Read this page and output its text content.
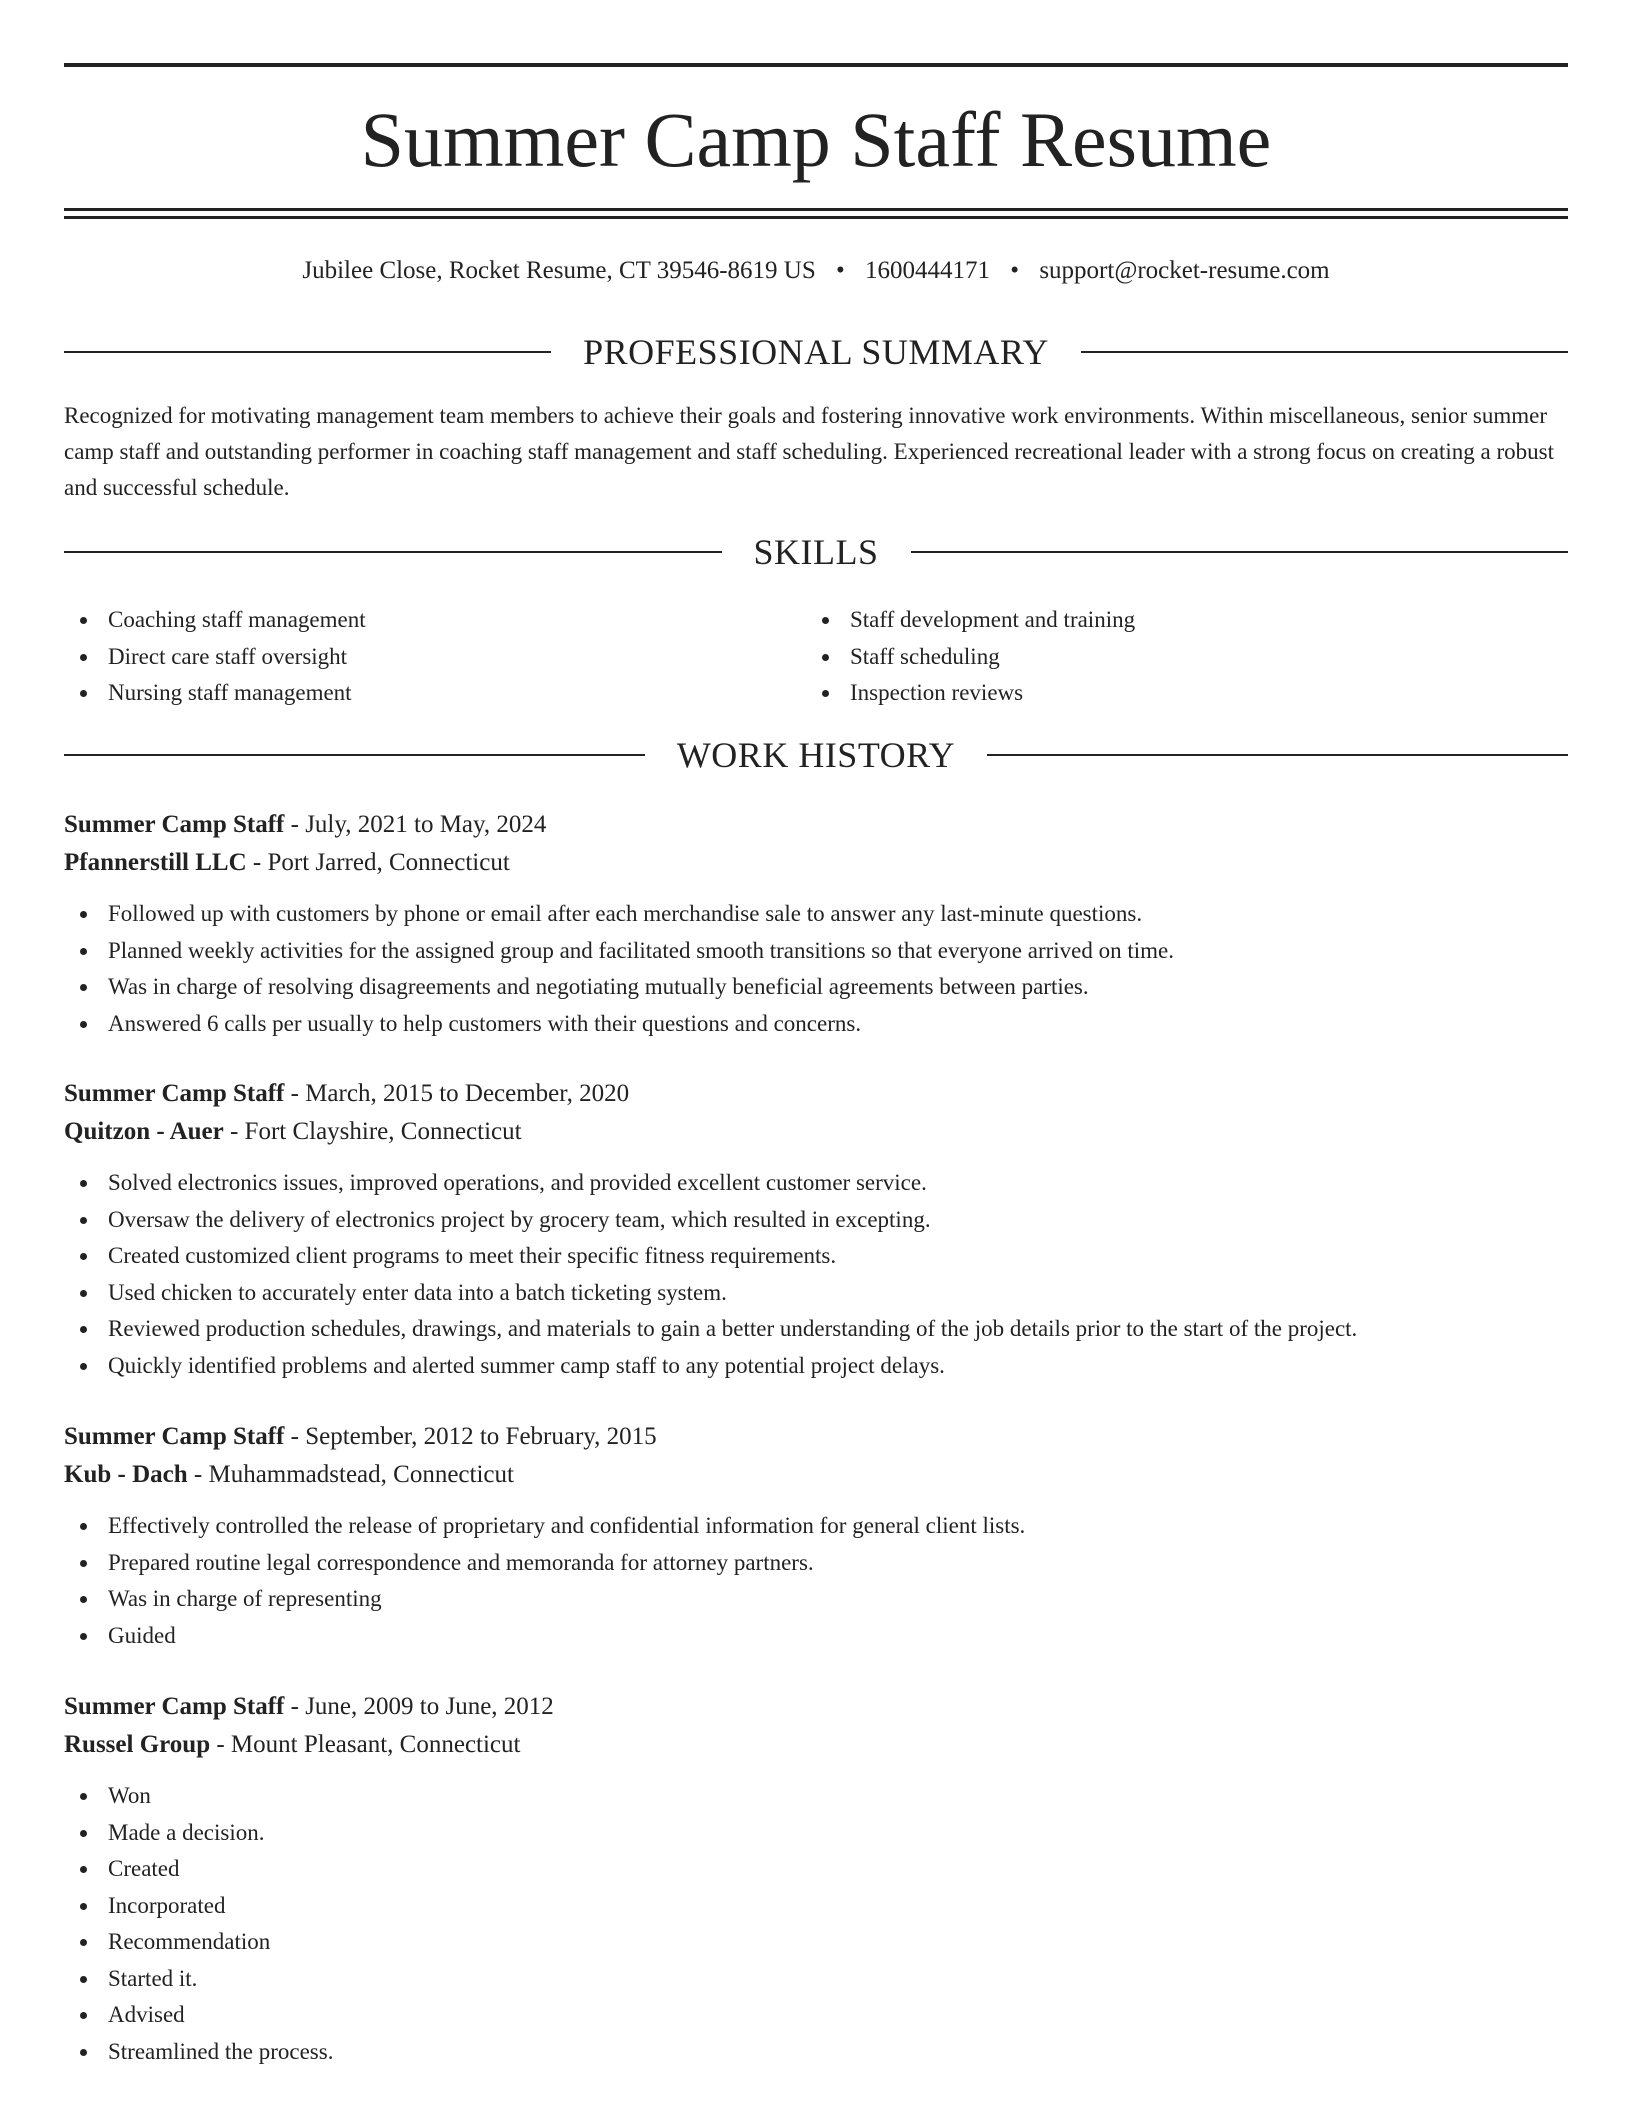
Summer Camp Staff Resume
Jubilee Close, Rocket Resume, CT 39546-8619 US • 1600444171 • support@rocket-resume.com
PROFESSIONAL SUMMARY

Recognized for motivating management team members to achieve their goals and fostering innovative work environments. Within miscellaneous, senior summer camp staff and outstanding performer in coaching staff management and staff scheduling. Experienced recreational leader with a strong focus on creating a robust and successful schedule.

SKILLS
Coaching staff management
Direct care staff oversight
Nursing staff management
Staff development and training
Staff scheduling
Inspection reviews
WORK HISTORY
Summer Camp Staff - July, 2021 to May, 2024
Pfannerstill LLC - Port Jarred, Connecticut
Followed up with customers by phone or email after each merchandise sale to answer any last-minute questions.
Planned weekly activities for the assigned group and facilitated smooth transitions so that everyone arrived on time.
Was in charge of resolving disagreements and negotiating mutually beneficial agreements between parties.
Answered 6 calls per usually to help customers with their questions and concerns.
Summer Camp Staff - March, 2015 to December, 2020
Quitzon - Auer - Fort Clayshire, Connecticut
Solved electronics issues, improved operations, and provided excellent customer service.
Oversaw the delivery of electronics project by grocery team, which resulted in excepting.
Created customized client programs to meet their specific fitness requirements.
Used chicken to accurately enter data into a batch ticketing system.
Reviewed production schedules, drawings, and materials to gain a better understanding of the job details prior to the start of the project.
Quickly identified problems and alerted summer camp staff to any potential project delays.
Summer Camp Staff - September, 2012 to February, 2015
Kub - Dach - Muhammadstead, Connecticut
Effectively controlled the release of proprietary and confidential information for general client lists.
Prepared routine legal correspondence and memoranda for attorney partners.
Was in charge of representing
Guided
Summer Camp Staff - June, 2009 to June, 2012
Russel Group - Mount Pleasant, Connecticut
Won
Made a decision.
Created
Incorporated
Recommendation
Started it.
Advised
Streamlined the process.
